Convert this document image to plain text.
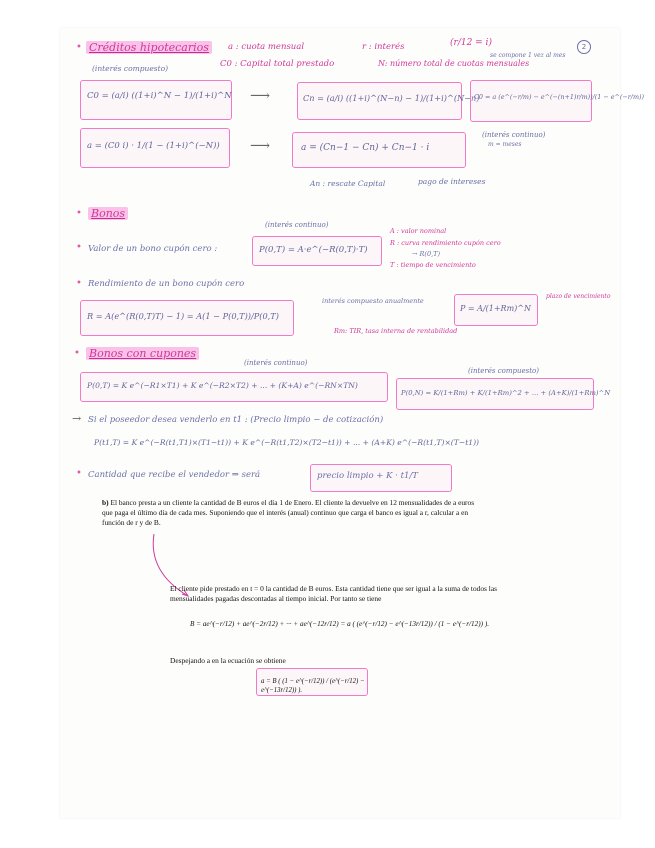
2
• Créditos hipotecarios	a : cuota mensual	r : interés	(r/12 = i)
se compone 1 vez al mes
(interés compuesto)	C0 : Capital total prestado	N: número total de cuotas mensuales
C0 = (a/i) ((1+i)^N − 1)/(1+i)^N ⟶	Cn = (a/i) ((1+i)^(N−n) − 1)/(1+i)^(N−n)
C0 = a (e^(−r/m) − e^(−(n+1)r/m))/(1 − e^(−r/m))
(interés continuo)
m = meses
a = (C0 i) · 1/(1 − (1+i)^(−N)) ⟶	a = (Cn−1 − Cn) + Cn−1 · i
An : rescate Capital	pago de intereses
• Bonos
(interés continuo)
• Valor de un bono cupón cero :	P(0,T) = A·e^(−R(0,T)·T)
A : valor nominal
R : curva rendimiento cupón cero
→ R(0,T)
T : tiempo de vencimiento
• Rendimiento de un bono cupón cero
R = A(e^(R(0,T)T) − 1) = A(1 − P(0,T))/P(0,T)
interés compuesto anualmente
P = A/(1+Rm)^N
plazo de vencimiento
Rm: TIR, tasa interna de rentabilidad
• Bonos con cupones
(interés continuo)
(interés compuesto)
P(0,T) = K e^(−R1×T1) + K e^(−R2×T2) + ... + (K+A) e^(−RN×TN)
P(0,N) = K/(1+Rm) + K/(1+Rm)^2 + ... + (A+K)/(1+Rm)^N
→ Si el poseedor desea venderlo en t1 : (Precio limpio − de cotización)
P(t1,T) = K e^(−R(t1,T1)×(T1−t1)) + K e^(−R(t1,T2)×(T2−t1)) + ... + (A+K) e^(−R(t1,T)×(T−t1))
• Cantidad que recibe el vendedor ⇒ será	precio limpio + K · t1/T
b) El banco presta a un cliente la cantidad de B euros el día 1 de Enero. El cliente la devuelve en 12 mensualidades de a euros que paga el último día de cada mes. Suponiendo que el interés (anual) continuo que carga el banco es igual a r, calcular a en función de r y de B.
El cliente pide prestado en t = 0 la cantidad de B euros. Esta cantidad tiene que ser igual a la suma de todos las mensualidades pagadas descontadas al tiempo inicial. Por tanto se tiene
B = ae^(−r/12) + ae^(−2r/12) + ··· + ae^(−12r/12) = a ( (e^(−r/12) − e^(−13r/12)) / (1 − e^(−r/12)) ).
Despejando a en la ecuación se obtiene
a = B ( (1 − e^(−r/12)) / (e^(−r/12) − e^(−13r/12)) ).
